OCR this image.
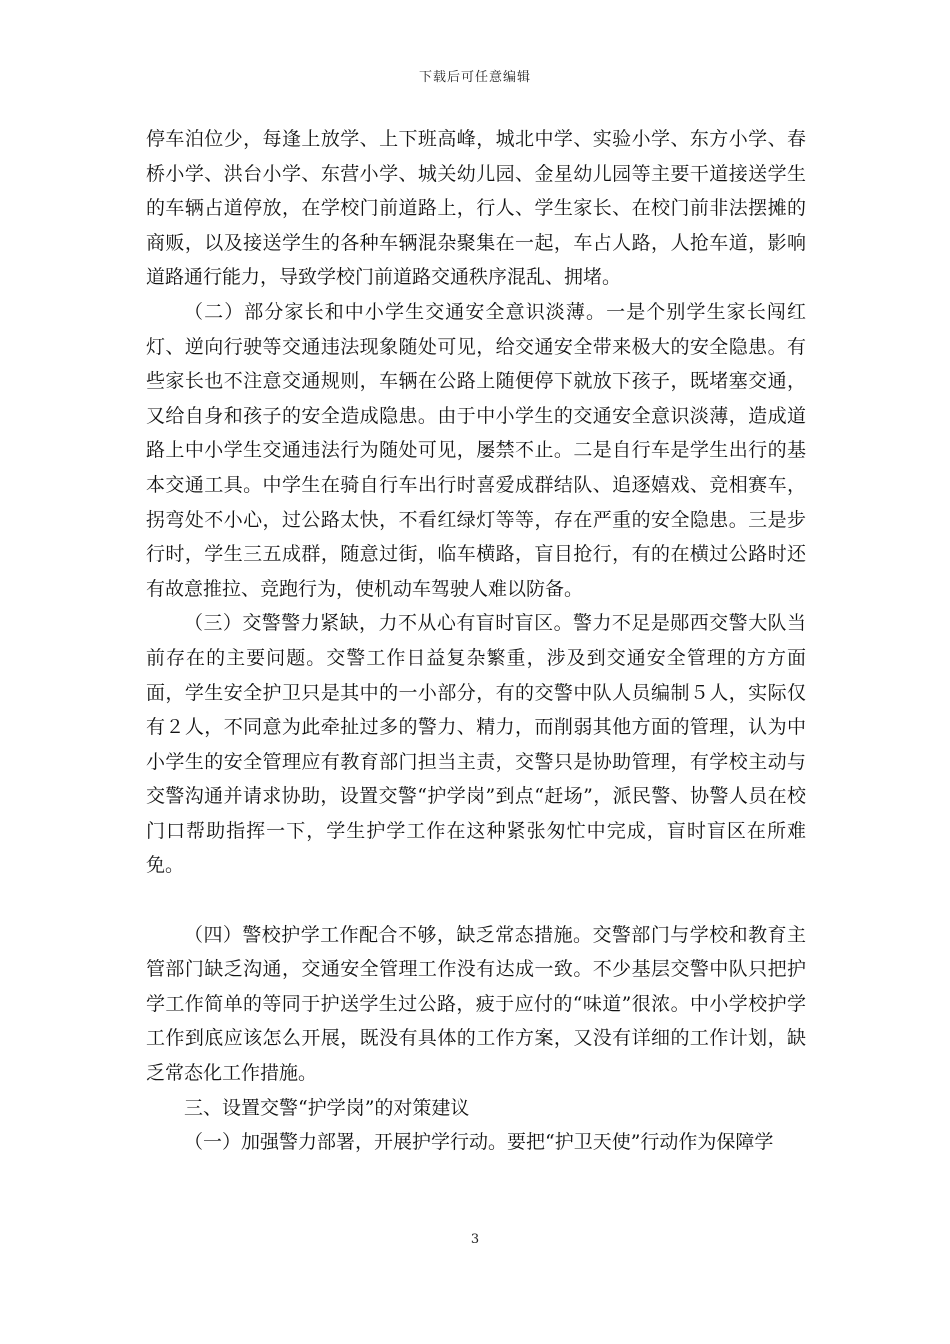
下载后可任意编辑

停车泊位少，每逢上放学、上下班高峰，城北中学、实验小学、东方小学、春桥小学、洪台小学、东营小学、城关幼儿园、金星幼儿园等主要干道接送学生的车辆占道停放，在学校门前道路上，行人、学生家长、在校门前非法摆摊的商贩，以及接送学生的各种车辆混杂聚集在一起，车占人路，人抢车道，影响道路通行能力，导致学校门前道路交通秩序混乱、拥堵。

（二）部分家长和中小学生交通安全意识淡薄。一是个别学生家长闯红灯、逆向行驶等交通违法现象随处可见，给交通安全带来极大的安全隐患。有些家长也不注意交通规则，车辆在公路上随便停下就放下孩子，既堵塞交通，又给自身和孩子的安全造成隐患。由于中小学生的交通安全意识淡薄，造成道路上中小学生交通违法行为随处可见，屡禁不止。二是自行车是学生出行的基本交通工具。中学生在骑自行车出行时喜爱成群结队、追逐嬉戏、竞相赛车，拐弯处不小心，过公路太快，不看红绿灯等等，存在严重的安全隐患。三是步行时，学生三五成群，随意过街，临车横路，盲目抢行，有的在横过公路时还有故意推拉、竞跑行为，使机动车驾驶人难以防备。

（三）交警警力紧缺，力不从心有盲时盲区。警力不足是郧西交警大队当前存在的主要问题。交警工作日益复杂繁重，涉及到交通安全管理的方方面面，学生安全护卫只是其中的一小部分，有的交警中队人员编制５人，实际仅有２人，不同意为此牵扯过多的警力、精力，而削弱其他方面的管理，认为中小学生的安全管理应有教育部门担当主责，交警只是协助管理，有学校主动与交警沟通并请求协助，设置交警“护学岗”到点“赶场”，派民警、协警人员在校门口帮助指挥一下，学生护学工作在这种紧张匆忙中完成，盲时盲区在所难免。

（四）警校护学工作配合不够，缺乏常态措施。交警部门与学校和教育主管部门缺乏沟通，交通安全管理工作没有达成一致。不少基层交警中队只把护学工作简单的等同于护送学生过公路，疲于应付的“味道”很浓。中小学校护学工作到底应该怎么开展，既没有具体的工作方案，又没有详细的工作计划，缺乏常态化工作措施。

三、设置交警“护学岗”的对策建议

（一）加强警力部署，开展护学行动。要把“护卫天使”行动作为保障学

3
